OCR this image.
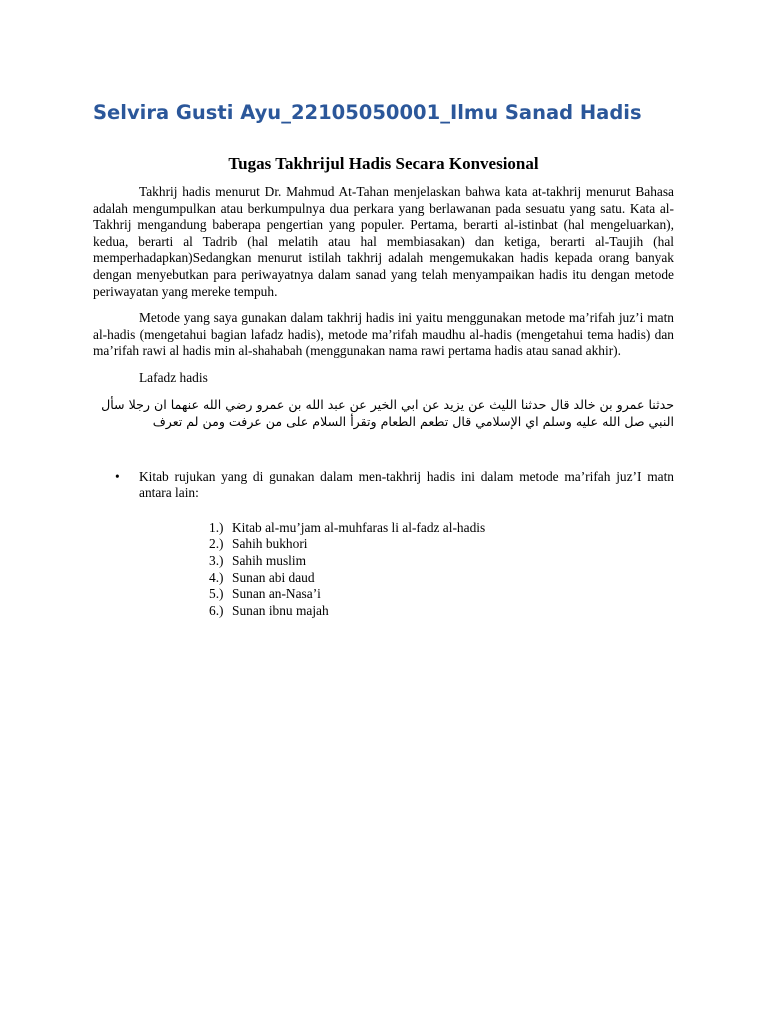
Selvira Gusti Ayu_22105050001_Ilmu Sanad Hadis
Tugas Takhrijul Hadis Secara Konvesional

Takhrij hadis menurut Dr. Mahmud At-Tahan menjelaskan bahwa kata at-takhrij menurut Bahasa adalah mengumpulkan atau berkumpulnya dua perkara yang berlawanan pada sesuatu yang satu. Kata al-Takhrij mengandung baberapa pengertian yang populer. Pertama, berarti al-istinbat (hal mengeluarkan), kedua, berarti al Tadrib (hal melatih atau hal membiasakan) dan ketiga, berarti al-Taujih (hal memperhadapkan)Sedangkan menurut istilah takhrij adalah mengemukakan hadis kepada orang banyak dengan menyebutkan para periwayatnya dalam sanad yang telah menyampaikan hadis itu dengan metode periwayatan yang mereke tempuh.

Metode yang saya gunakan dalam takhrij hadis ini yaitu menggunakan metode ma’rifah juz’i matn al-hadis (mengetahui bagian lafadz hadis), metode ma’rifah maudhu al-hadis (mengetahui tema hadis) dan ma’rifah rawi al hadis min al-shahabah (menggunakan nama rawi pertama hadis atau sanad akhir).

Lafadz hadis

حدثنا عمرو بن خالد قال حدثنا الليث عن يزيد عن ابي الخير عن عبد الله بن عمرو رضي الله عنهما ان رجلا سأل النبي صل الله عليه وسلم اي الإسلامي قال تطعم الطعام وتقرأ السلام على من عرفت ومن لم تعرف

• Kitab rujukan yang di gunakan dalam men-takhrij hadis ini dalam metode ma’rifah juz’I matn antara lain:

1.) Kitab al-mu’jam al-muhfaras li al-fadz al-hadis
2.) Sahih bukhori
3.) Sahih muslim
4.) Sunan abi daud
5.) Sunan an-Nasa’i
6.) Sunan ibnu majah
